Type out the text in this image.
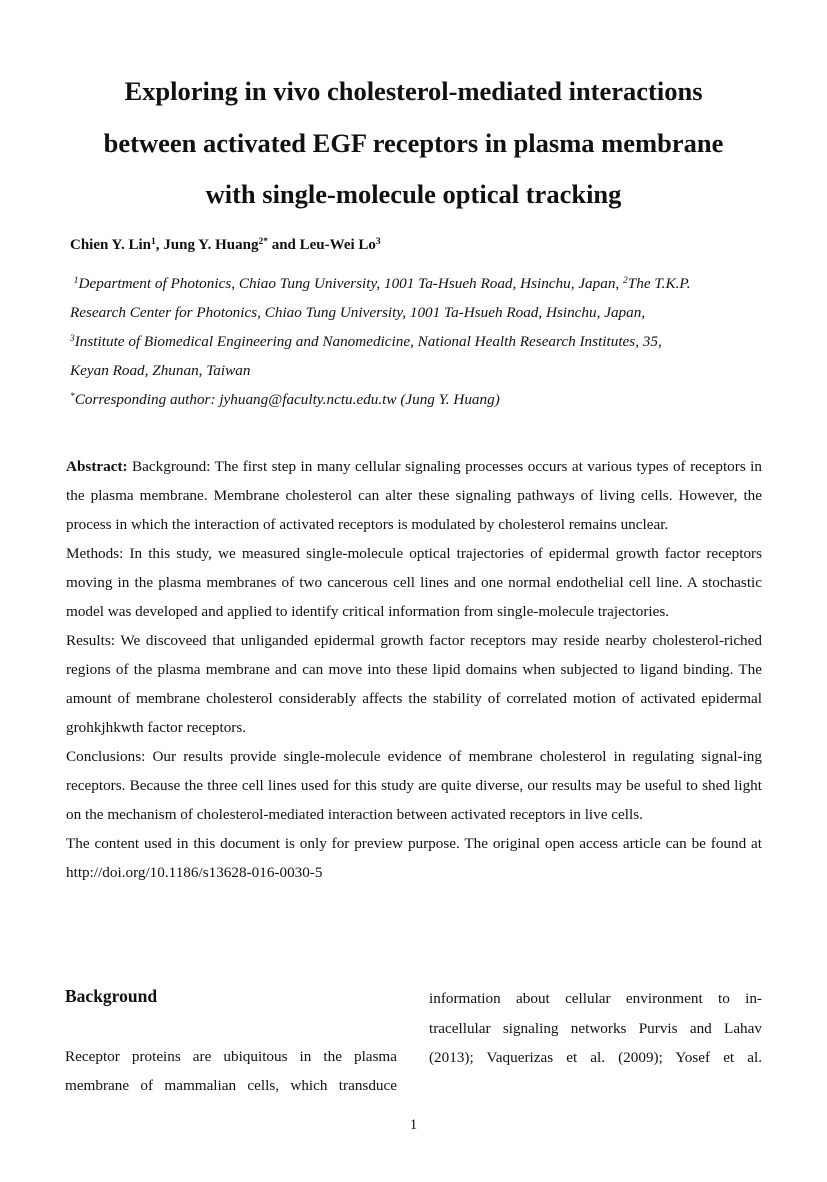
Exploring in vivo cholesterol-mediated interactions
between activated EGF receptors in plasma membrane
with single-molecule optical tracking
Chien Y. Lin$^1$, Jung Y. Huang$^{2*}$ and Leu-Wei Lo$^3$
$^1$Department of Photonics, Chiao Tung University, 1001 Ta-Hsueh Road, Hsinchu, Japan, $^2$The T.K.P.
Research Center for Photonics, Chiao Tung University, 1001 Ta-Hsueh Road, Hsinchu, Japan,
$^3$Institute of Biomedical Engineering and Nanomedicine, National Health Research Institutes, 35,
Keyan Road, Zhunan, Taiwan
*Corresponding author: jyhuang@faculty.nctu.edu.tw (Jung Y. Huang)

Abstract: Background: The first step in many cellular signaling processes occurs at various types of receptors in the plasma membrane. Membrane cholesterol can alter these signaling pathways of living cells. However, the process in which the interaction of activated receptors is modulated by cholesterol remains unclear.

Methods: In this study, we measured single-molecule optical trajectories of epidermal growth factor receptors moving in the plasma membranes of two cancerous cell lines and one normal endothelial cell line. A stochastic model was developed and applied to identify critical information from single-molecule trajectories.

Results: We discoveed that unliganded epidermal growth factor receptors may reside nearby cholesterol-riched regions of the plasma membrane and can move into these lipid domains when subjected to ligand binding. The amount of membrane cholesterol considerably affects the stability of correlated motion of activated epidermal grohkjhkwth factor receptors.

Conclusions: Our results provide single-molecule evidence of membrane cholesterol in regulating signal-ing receptors. Because the three cell lines used for this study are quite diverse, our results may be useful to shed light on the mechanism of cholesterol-mediated interaction between activated receptors in live cells.

The content used in this document is only for preview purpose. The original open access article can be found at http://doi.org/10.1186/s13628-016-0030-5

Background
Receptor proteins are ubiquitous in the plasma
membrane of mammalian cells, which transduce
information about cellular environment to in-
tracellular signaling networks Purvis and Lahav
(2013); Vaquerizas et al. (2009); Yosef et al.
1
